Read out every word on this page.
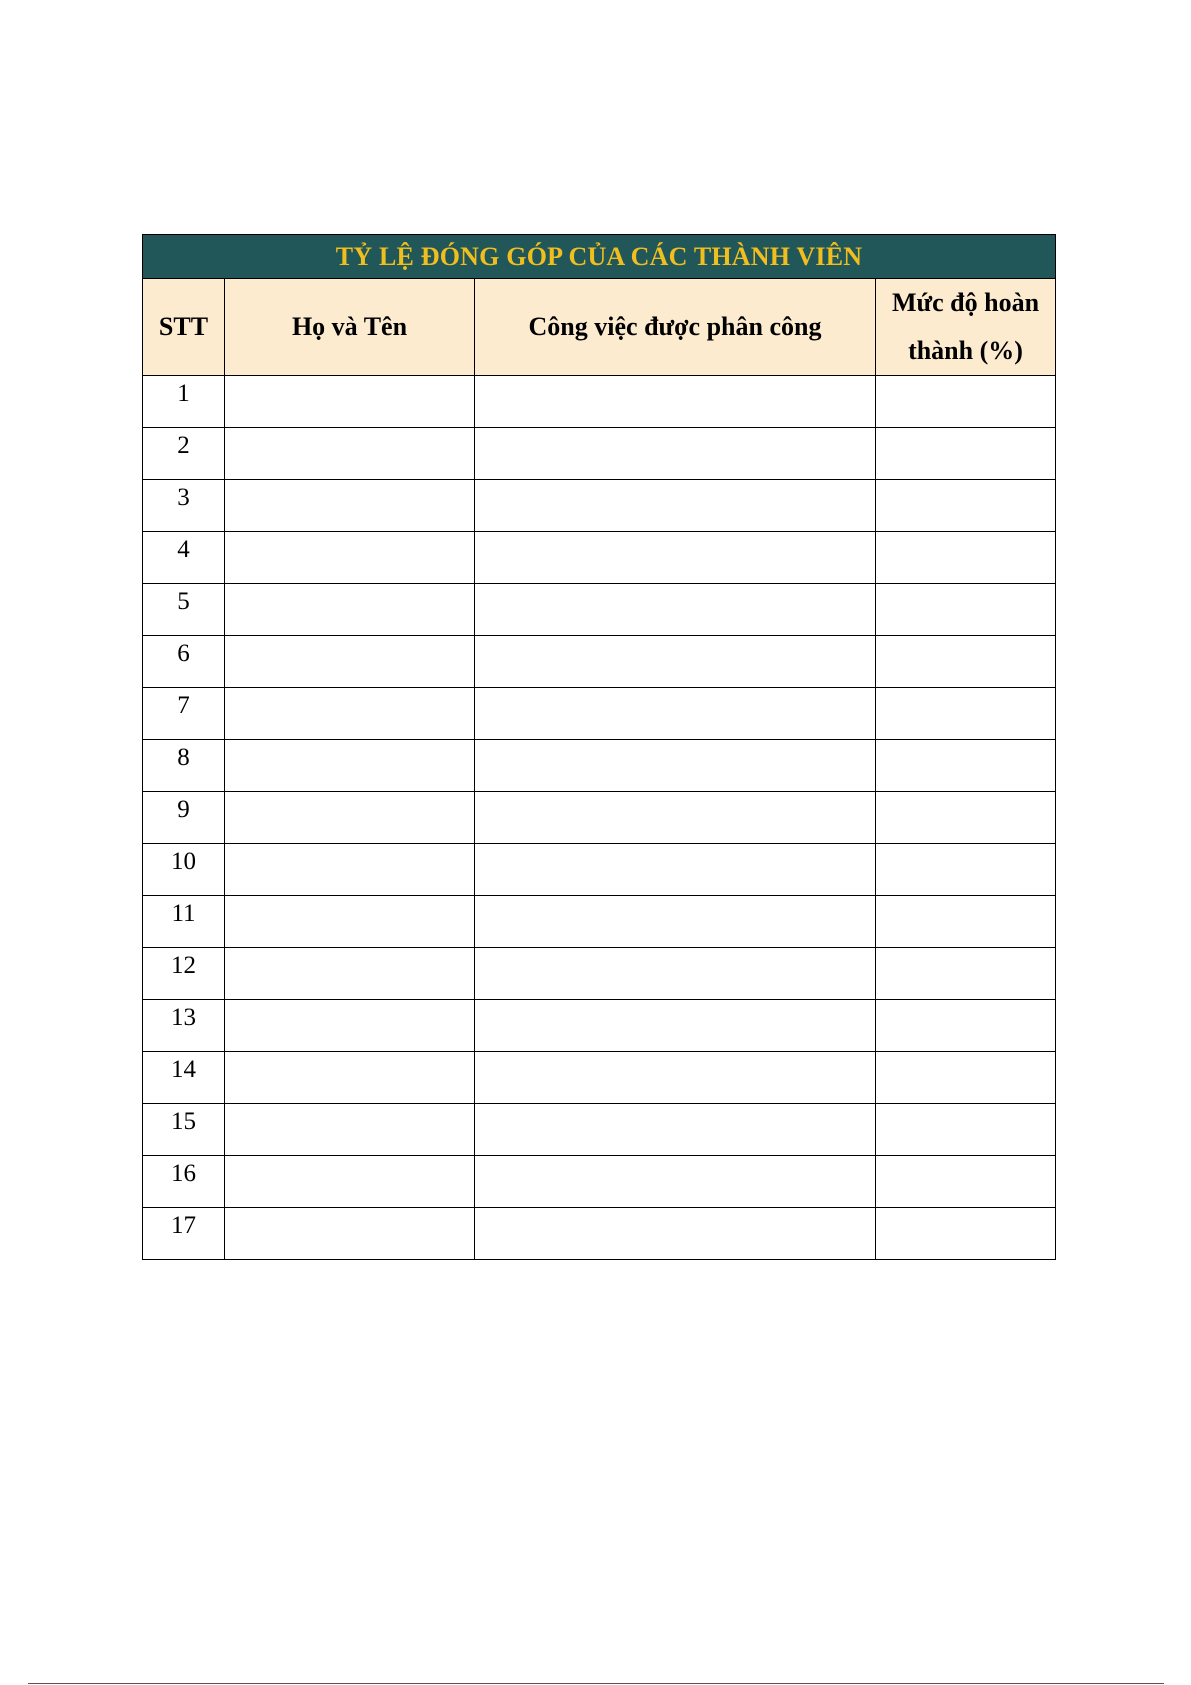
TỶ LỆ ĐÓNG GÓP CỦA CÁC THÀNH VIÊN			
STT	Họ và Tên	Công việc được phân công	Mức độ hoàn
thành (%)

1			
2			
3			
4			
5			
6			
7			
8			
9			
10			
11			
12			
13			
14			
15			
16			
17			
